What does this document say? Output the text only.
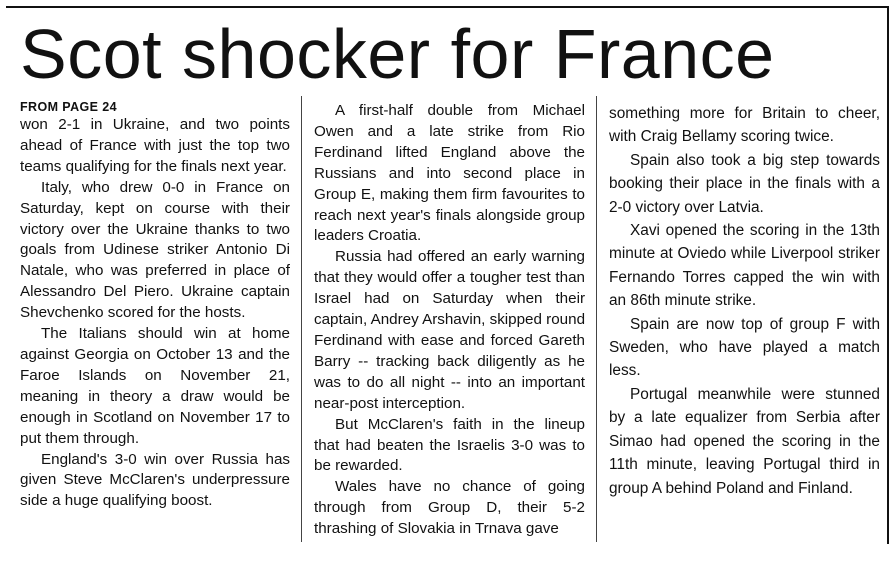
Scot shocker for France
FROM PAGE 24

won 2-1 in Ukraine, and two points ahead of France with just the top two teams qualifying for the finals next year.

Italy, who drew 0-0 in France on Saturday, kept on course with their victory over the Ukraine thanks to two goals from Udinese striker Antonio Di Natale, who was preferred in place of Alessandro Del Piero. Ukraine captain Shevchenko scored for the hosts.

The Italians should win at home against Georgia on October 13 and the Faroe Islands on November 21, meaning in theory a draw would be enough in Scotland on November 17 to put them through.

England's 3-0 win over Russia has given Steve McClaren's underpressure side a huge qualifying boost.

A first-half double from Michael Owen and a late strike from Rio Ferdinand lifted England above the Russians and into second place in Group E, making them firm favourites to reach next year's finals alongside group leaders Croatia.

Russia had offered an early warning that they would offer a tougher test than Israel had on Saturday when their captain, Andrey Arshavin, skipped round Ferdinand with ease and forced Gareth Barry -- tracking back diligently as he was to do all night -- into an important near-post interception.

But McClaren's faith in the lineup that had beaten the Israelis 3-0 was to be rewarded.

Wales have no chance of going through from Group D, their 5-2 thrashing of Slovakia in Trnava gave

something more for Britain to cheer, with Craig Bellamy scoring twice.

Spain also took a big step towards booking their place in the finals with a 2-0 victory over Latvia.

Xavi opened the scoring in the 13th minute at Oviedo while Liverpool striker Fernando Torres capped the win with an 86th minute strike.

Spain are now top of group F with Sweden, who have played a match less.

Portugal meanwhile were stunned by a late equalizer from Serbia after Simao had opened the scoring in the 11th minute, leaving Portugal third in group A behind Poland and Finland.
